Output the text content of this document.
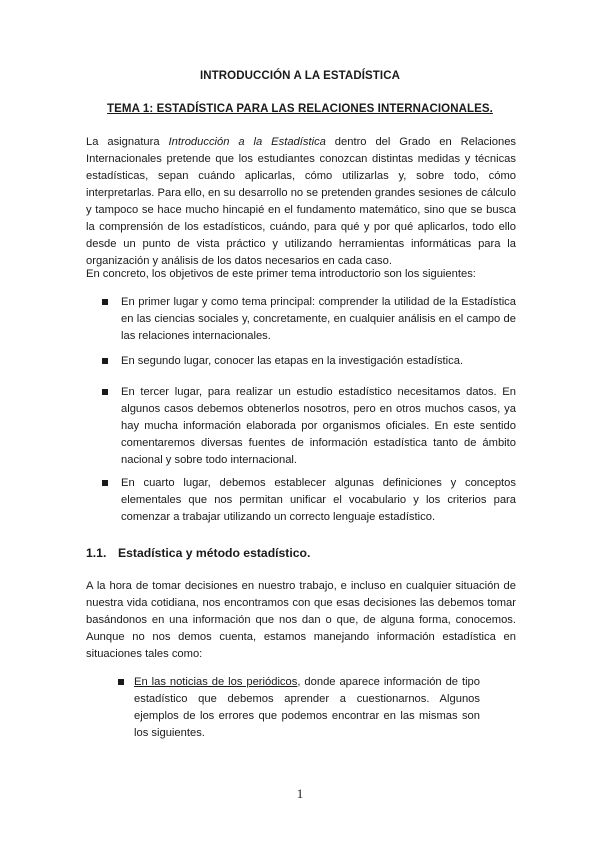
INTRODUCCIÓN A LA ESTADÍSTICA
TEMA 1: ESTADÍSTICA PARA LAS RELACIONES INTERNACIONALES.
La asignatura Introducción a la Estadística dentro del Grado en Relaciones Internacionales pretende que los estudiantes conozcan distintas medidas y técnicas estadísticas, sepan cuándo aplicarlas, cómo utilizarlas y, sobre todo, cómo interpretarlas. Para ello, en su desarrollo no se pretenden grandes sesiones de cálculo y tampoco se hace mucho hincapié en el fundamento matemático, sino que se busca la comprensión de los estadísticos, cuándo, para qué y por qué aplicarlos, todo ello desde un punto de vista práctico y utilizando herramientas informáticas para la organización y análisis de los datos necesarios en cada caso.
En concreto, los objetivos de este primer tema introductorio son los siguientes:
En primer lugar y como tema principal: comprender la utilidad de la Estadística en las ciencias sociales y, concretamente, en cualquier análisis en el campo de las relaciones internacionales.
En segundo lugar, conocer las etapas en la investigación estadística.
En tercer lugar, para realizar un estudio estadístico necesitamos datos. En algunos casos debemos obtenerlos nosotros, pero en otros muchos casos, ya hay mucha información elaborada por organismos oficiales. En este sentido comentaremos diversas fuentes de información estadística tanto de ámbito nacional y sobre todo internacional.
En cuarto lugar, debemos establecer algunas definiciones y conceptos elementales que nos permitan unificar el vocabulario y los criterios para comenzar a trabajar utilizando un correcto lenguaje estadístico.
1.1. Estadística y método estadístico.
A la hora de tomar decisiones en nuestro trabajo, e incluso en cualquier situación de nuestra vida cotidiana, nos encontramos con que esas decisiones las debemos tomar basándonos en una información que nos dan o que, de alguna forma, conocemos. Aunque no nos demos cuenta, estamos manejando información estadística en situaciones tales como:
En las noticias de los periódicos, donde aparece información de tipo estadístico que debemos aprender a cuestionarnos. Algunos ejemplos de los errores que podemos encontrar en las mismas son los siguientes.
1
